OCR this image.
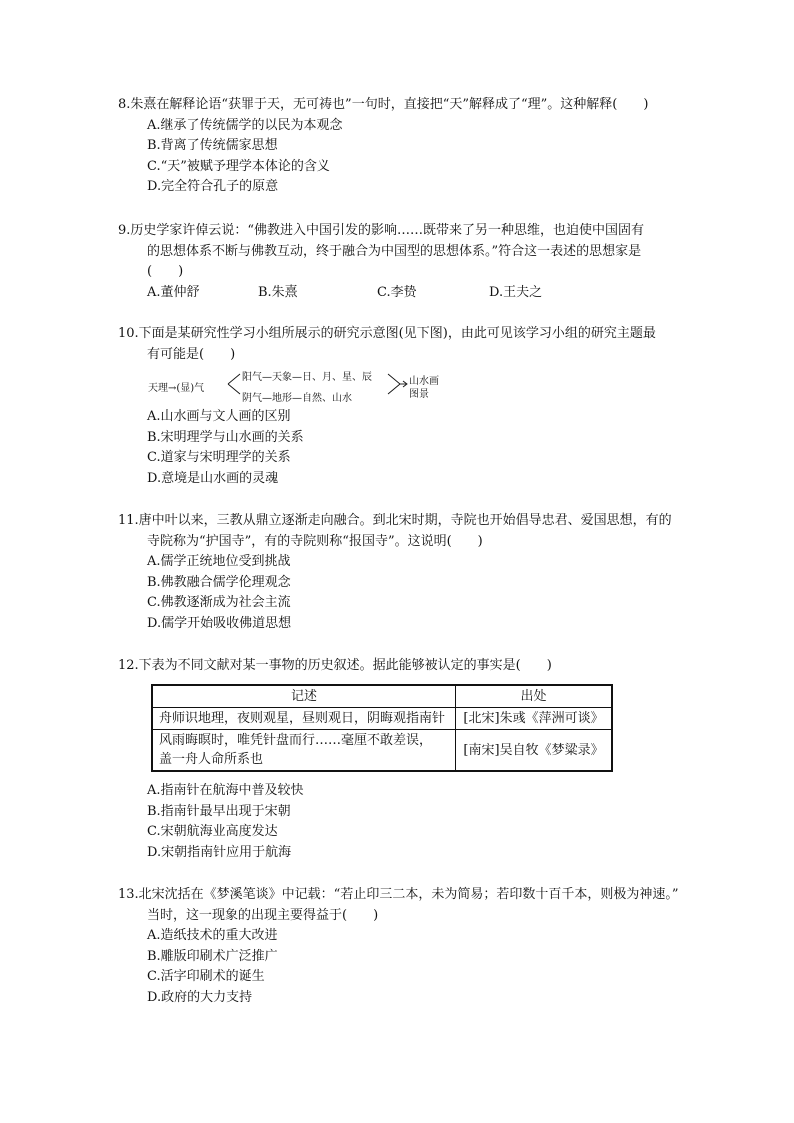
8.朱熹在解释论语“获罪于天，无可祷也”一句时，直接把“天”解释成了“理”。这种解释(　　)
A.继承了传统儒学的以民为本观念
B.背离了传统儒家思想
C.“天”被赋予理学本体论的含义
D.完全符合孔子的原意
9.历史学家许倬云说：“佛教进入中国引发的影响……既带来了另一种思维，也迫使中国固有
的思想体系不断与佛教互动，终于融合为中国型的思想体系。”符合这一表述的思想家是
(　　)
A.董仲舒	B.朱熹	C.李贽	D.王夫之
10.下面是某研究性学习小组所展示的研究示意图(见下图)，由此可见该学习小组的研究主题最
有可能是(　　)
天理→(显)气
阳气—天象—日、月、星、辰
阴气—地形—自然、山水
山水画
图景
A.山水画与文人画的区别
B.宋明理学与山水画的关系
C.道家与宋明理学的关系
D.意境是山水画的灵魂
11.唐中叶以来，三教从鼎立逐渐走向融合。到北宋时期，寺院也开始倡导忠君、爱国思想，有的
寺院称为“护国寺”，有的寺院则称“报国寺”。这说明(　　)
A.儒学正统地位受到挑战
B.佛教融合儒学伦理观念
C.佛教逐渐成为社会主流
D.儒学开始吸收佛道思想
12.下表为不同文献对某一事物的历史叙述。据此能够被认定的事实是(　　)
记述	出处
舟师识地理，夜则观星，昼则观日，阴晦观指南针	[北宋]朱彧《萍洲可谈》
风雨晦暝时，唯凭针盘而行……毫厘不敢差误，
盖一舟人命所系也	[南宋]吴自牧《梦粱录》
A.指南针在航海中普及较快
B.指南针最早出现于宋朝
C.宋朝航海业高度发达
D.宋朝指南针应用于航海
13.北宋沈括在《梦溪笔谈》中记载：“若止印三二本，未为简易；若印数十百千本，则极为神速。”
当时，这一现象的出现主要得益于(　　)
A.造纸技术的重大改进
B.雕版印刷术广泛推广
C.活字印刷术的诞生
D.政府的大力支持
